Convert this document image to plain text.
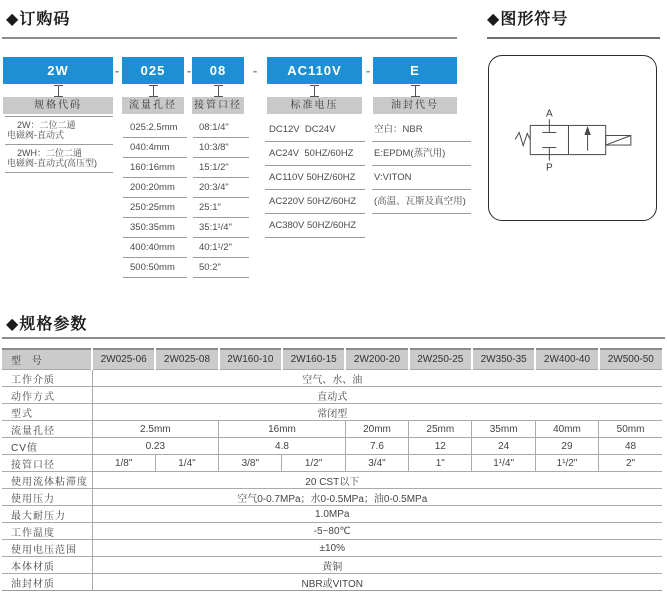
◆订购码
2W	-
规格代码
025	-
流量孔径
08	-
接管口径
AC110V	-
标准电压
E
油封代号
2W：二位二通
电磁阀-直动式
2WH：二位二通
电磁阀-直动式(高压型)
025:2.5mm
040:4mm
160:16mm
200:20mm
250:25mm
350:35mm
400:40mm
500:50mm
08:1/4"
10:3/8"
15:1/2"
20:3/4"
25:1"
35:1¹/4"
40:1¹/2"
50:2"
DC12V  DC24V
AC24V  50HZ/60HZ
AC110V 50HZ/60HZ
AC220V 50HZ/60HZ
AC380V 50HZ/60HZ
空白：NBR
E:EPDM(蒸汽用)
V:VITON
(高温、瓦斯及真空用)
◆图形符号
A
P
◆规格参数
型 号	2W025-06	2W025-08	2W160-10	2W160-15	2W200-20	2W250-25	2W350-35	2W400-40	2W500-50
工作介质	空气、水、油								
动作方式	直动式								
型式	常闭型								
流量孔径	2.5mm		16mm		20mm	25mm	35mm	40mm	50mm
CV值	0.23		4.8		7.6	12	24	29	48
接管口径	1/8"	1/4"	3/8"	1/2"	3/4"	1"	1¹/4"	1¹/2"	2"
使用流体粘滞度	20 CST以下								
使用压力	空气0-0.7MPa；水0-0.5MPa；油0-0.5MPa								
最大耐压力	1.0MPa								
工作温度	-5~80℃								
使用电压范围	±10%								
本体材质	黄铜								
油封材质	NBR或VITON								
